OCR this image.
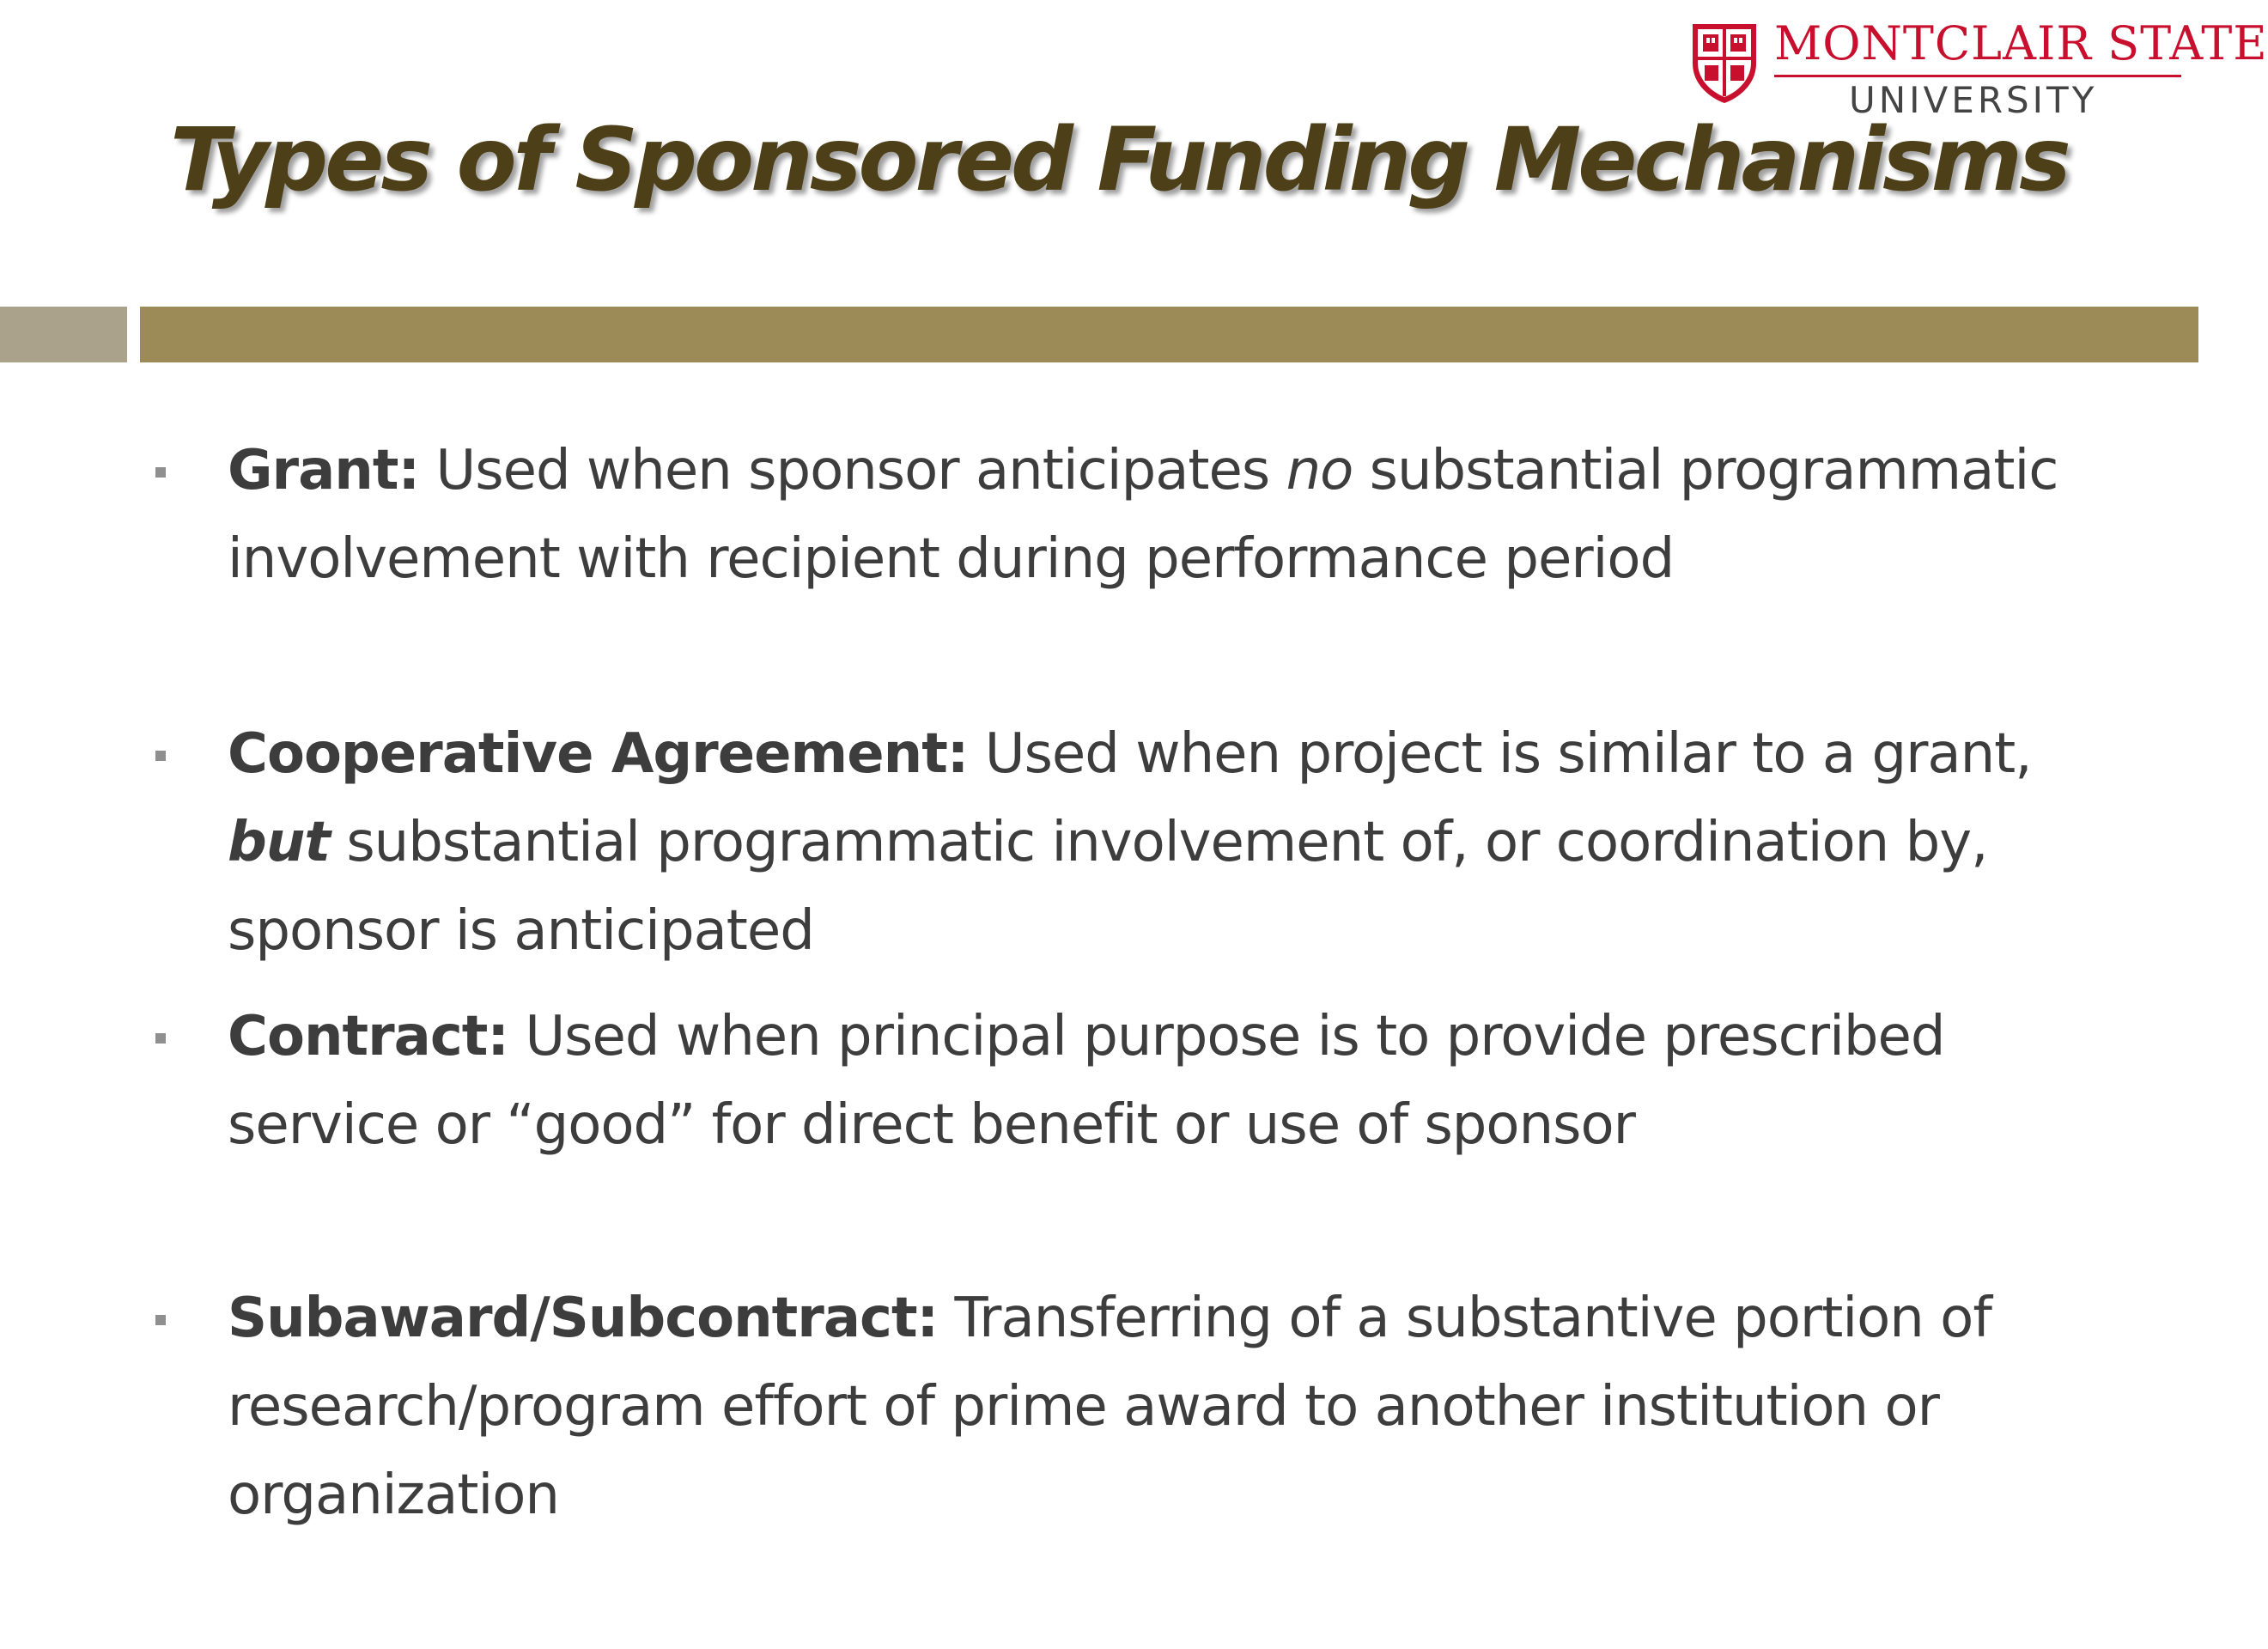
MONTCLAIR STATE
UNIVERSITY
Types of Sponsored Funding Mechanisms
Grant: Used when sponsor anticipates no substantial programmatic involvement with recipient during performance period
Cooperative Agreement: Used when project is similar to a grant, but substantial programmatic involvement of, or coordination by, sponsor is anticipated
Contract: Used when principal purpose is to provide prescribed service or “good” for direct benefit or use of sponsor
Subaward/Subcontract: Transferring of a substantive portion of research/program effort of prime award to another institution or organization
